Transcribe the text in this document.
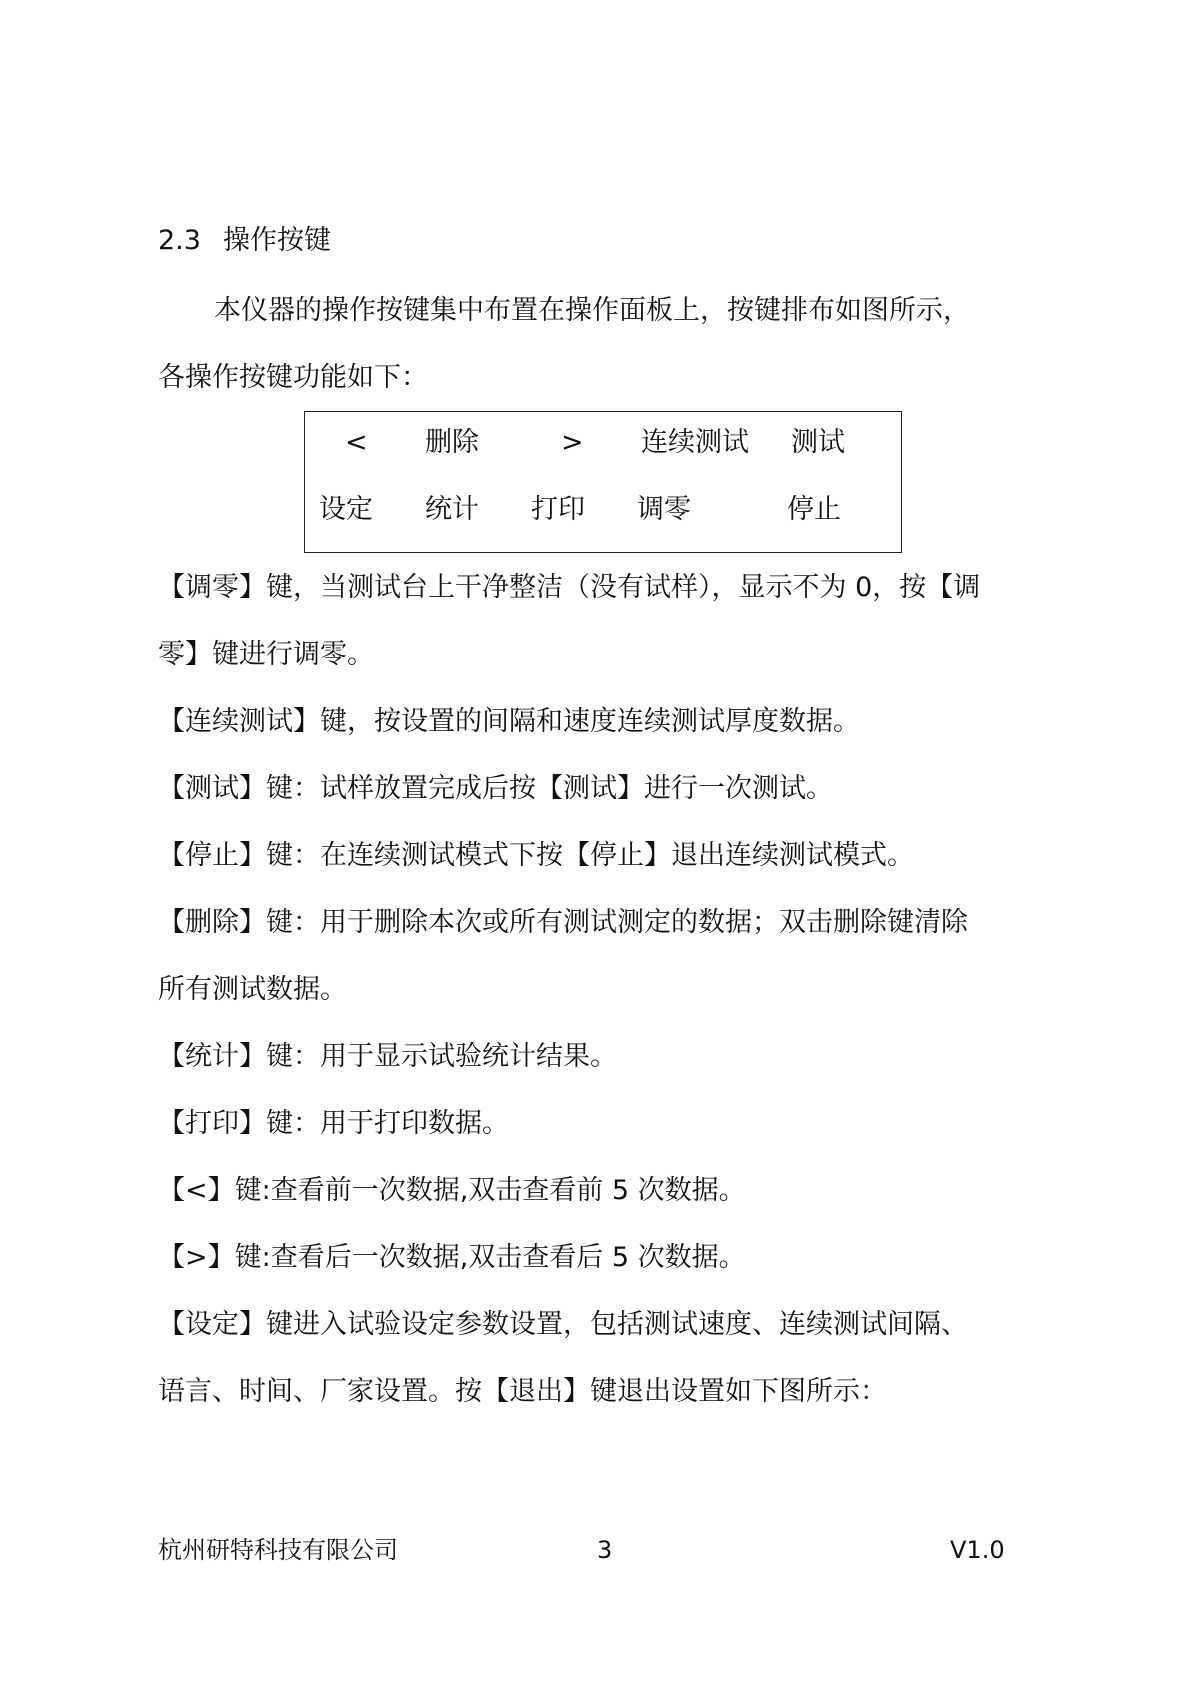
2.3 操作按键
本仪器的操作按键集中布置在操作面板上，按键排布如图所示，
各操作按键功能如下：
< 删除	> 连续测试 测试
设定 统计 打印 调零	停止
【调零】键，当测试台上干净整洁（没有试样），显示不为 0，按【调
零】键进行调零。
【连续测试】键，按设置的间隔和速度连续测试厚度数据。
【测试】键：试样放置完成后按【测试】进行一次测试。
【停止】键：在连续测试模式下按【停止】退出连续测试模式。
【删除】键：用于删除本次或所有测试测定的数据；双击删除键清除
所有测试数据。
【统计】键：用于显示试验统计结果。
【打印】键：用于打印数据。
【<】键:查看前一次数据,双击查看前 5 次数据。
【>】键:查看后一次数据,双击查看后 5 次数据。
【设定】键进入试验设定参数设置，包括测试速度、连续测试间隔、
语言、时间、厂家设置。按【退出】键退出设置如下图所示：
杭州研特科技有限公司	3	V1.0
